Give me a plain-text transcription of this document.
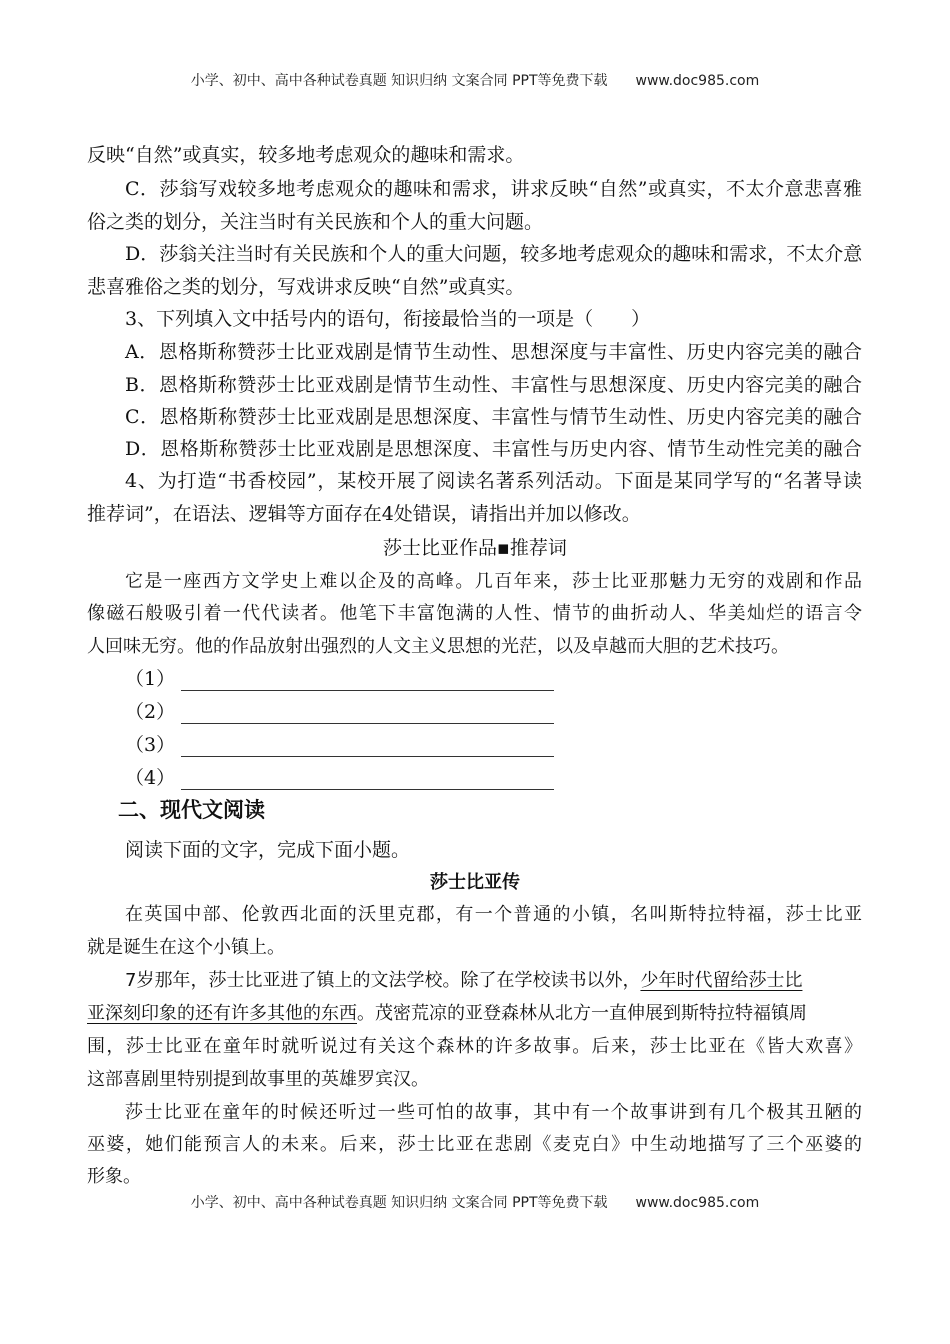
小学、初中、高中各种试卷真题 知识归纳 文案合同 PPT等免费下载 www.doc985.com
反映“自然”或真实，较多地考虑观众的趣味和需求。
C．莎翁写戏较多地考虑观众的趣味和需求，讲求反映“自然”或真实，不太介意悲喜雅
俗之类的划分，关注当时有关民族和个人的重大问题。
D．莎翁关注当时有关民族和个人的重大问题，较多地考虑观众的趣味和需求，不太介意
悲喜雅俗之类的划分，写戏讲求反映“自然”或真实。
3、下列填入文中括号内的语句，衔接最恰当的一项是（　　）
A．恩格斯称赞莎士比亚戏剧是情节生动性、思想深度与丰富性、历史内容完美的融合
B．恩格斯称赞莎士比亚戏剧是情节生动性、丰富性与思想深度、历史内容完美的融合
C．恩格斯称赞莎士比亚戏剧是思想深度、丰富性与情节生动性、历史内容完美的融合
D．恩格斯称赞莎士比亚戏剧是思想深度、丰富性与历史内容、情节生动性完美的融合
4、为打造“书香校园”，某校开展了阅读名著系列活动。下面是某同学写的“名著导读
推荐词”，在语法、逻辑等方面存在4处错误，请指出并加以修改。
莎士比亚作品▪推荐词
它是一座西方文学史上难以企及的高峰。几百年来，莎士比亚那魅力无穷的戏剧和作品
像磁石般吸引着一代代读者。他笔下丰富饱满的人性、情节的曲折动人、华美灿烂的语言令
人回味无穷。他的作品放射出强烈的人文主义思想的光茫，以及卓越而大胆的艺术技巧。
（1）
（2）
（3）
（4）
二、现代文阅读
阅读下面的文字，完成下面小题。
莎士比亚传
在英国中部、伦敦西北面的沃里克郡，有一个普通的小镇，名叫斯特拉特福，莎士比亚
就是诞生在这个小镇上。
7岁那年，莎士比亚进了镇上的文法学校。除了在学校读书以外，少年时代留给莎士比
亚深刻印象的还有许多其他的东西。茂密荒凉的亚登森林从北方一直伸展到斯特拉特福镇周
围，莎士比亚在童年时就听说过有关这个森林的许多故事。后来，莎士比亚在《皆大欢喜》
这部喜剧里特别提到故事里的英雄罗宾汉。
莎士比亚在童年的时候还听过一些可怕的故事，其中有一个故事讲到有几个极其丑陋的
巫婆，她们能预言人的未来。后来，莎士比亚在悲剧《麦克白》中生动地描写了三个巫婆的
形象。
小学、初中、高中各种试卷真题 知识归纳 文案合同 PPT等免费下载 www.doc985.com
